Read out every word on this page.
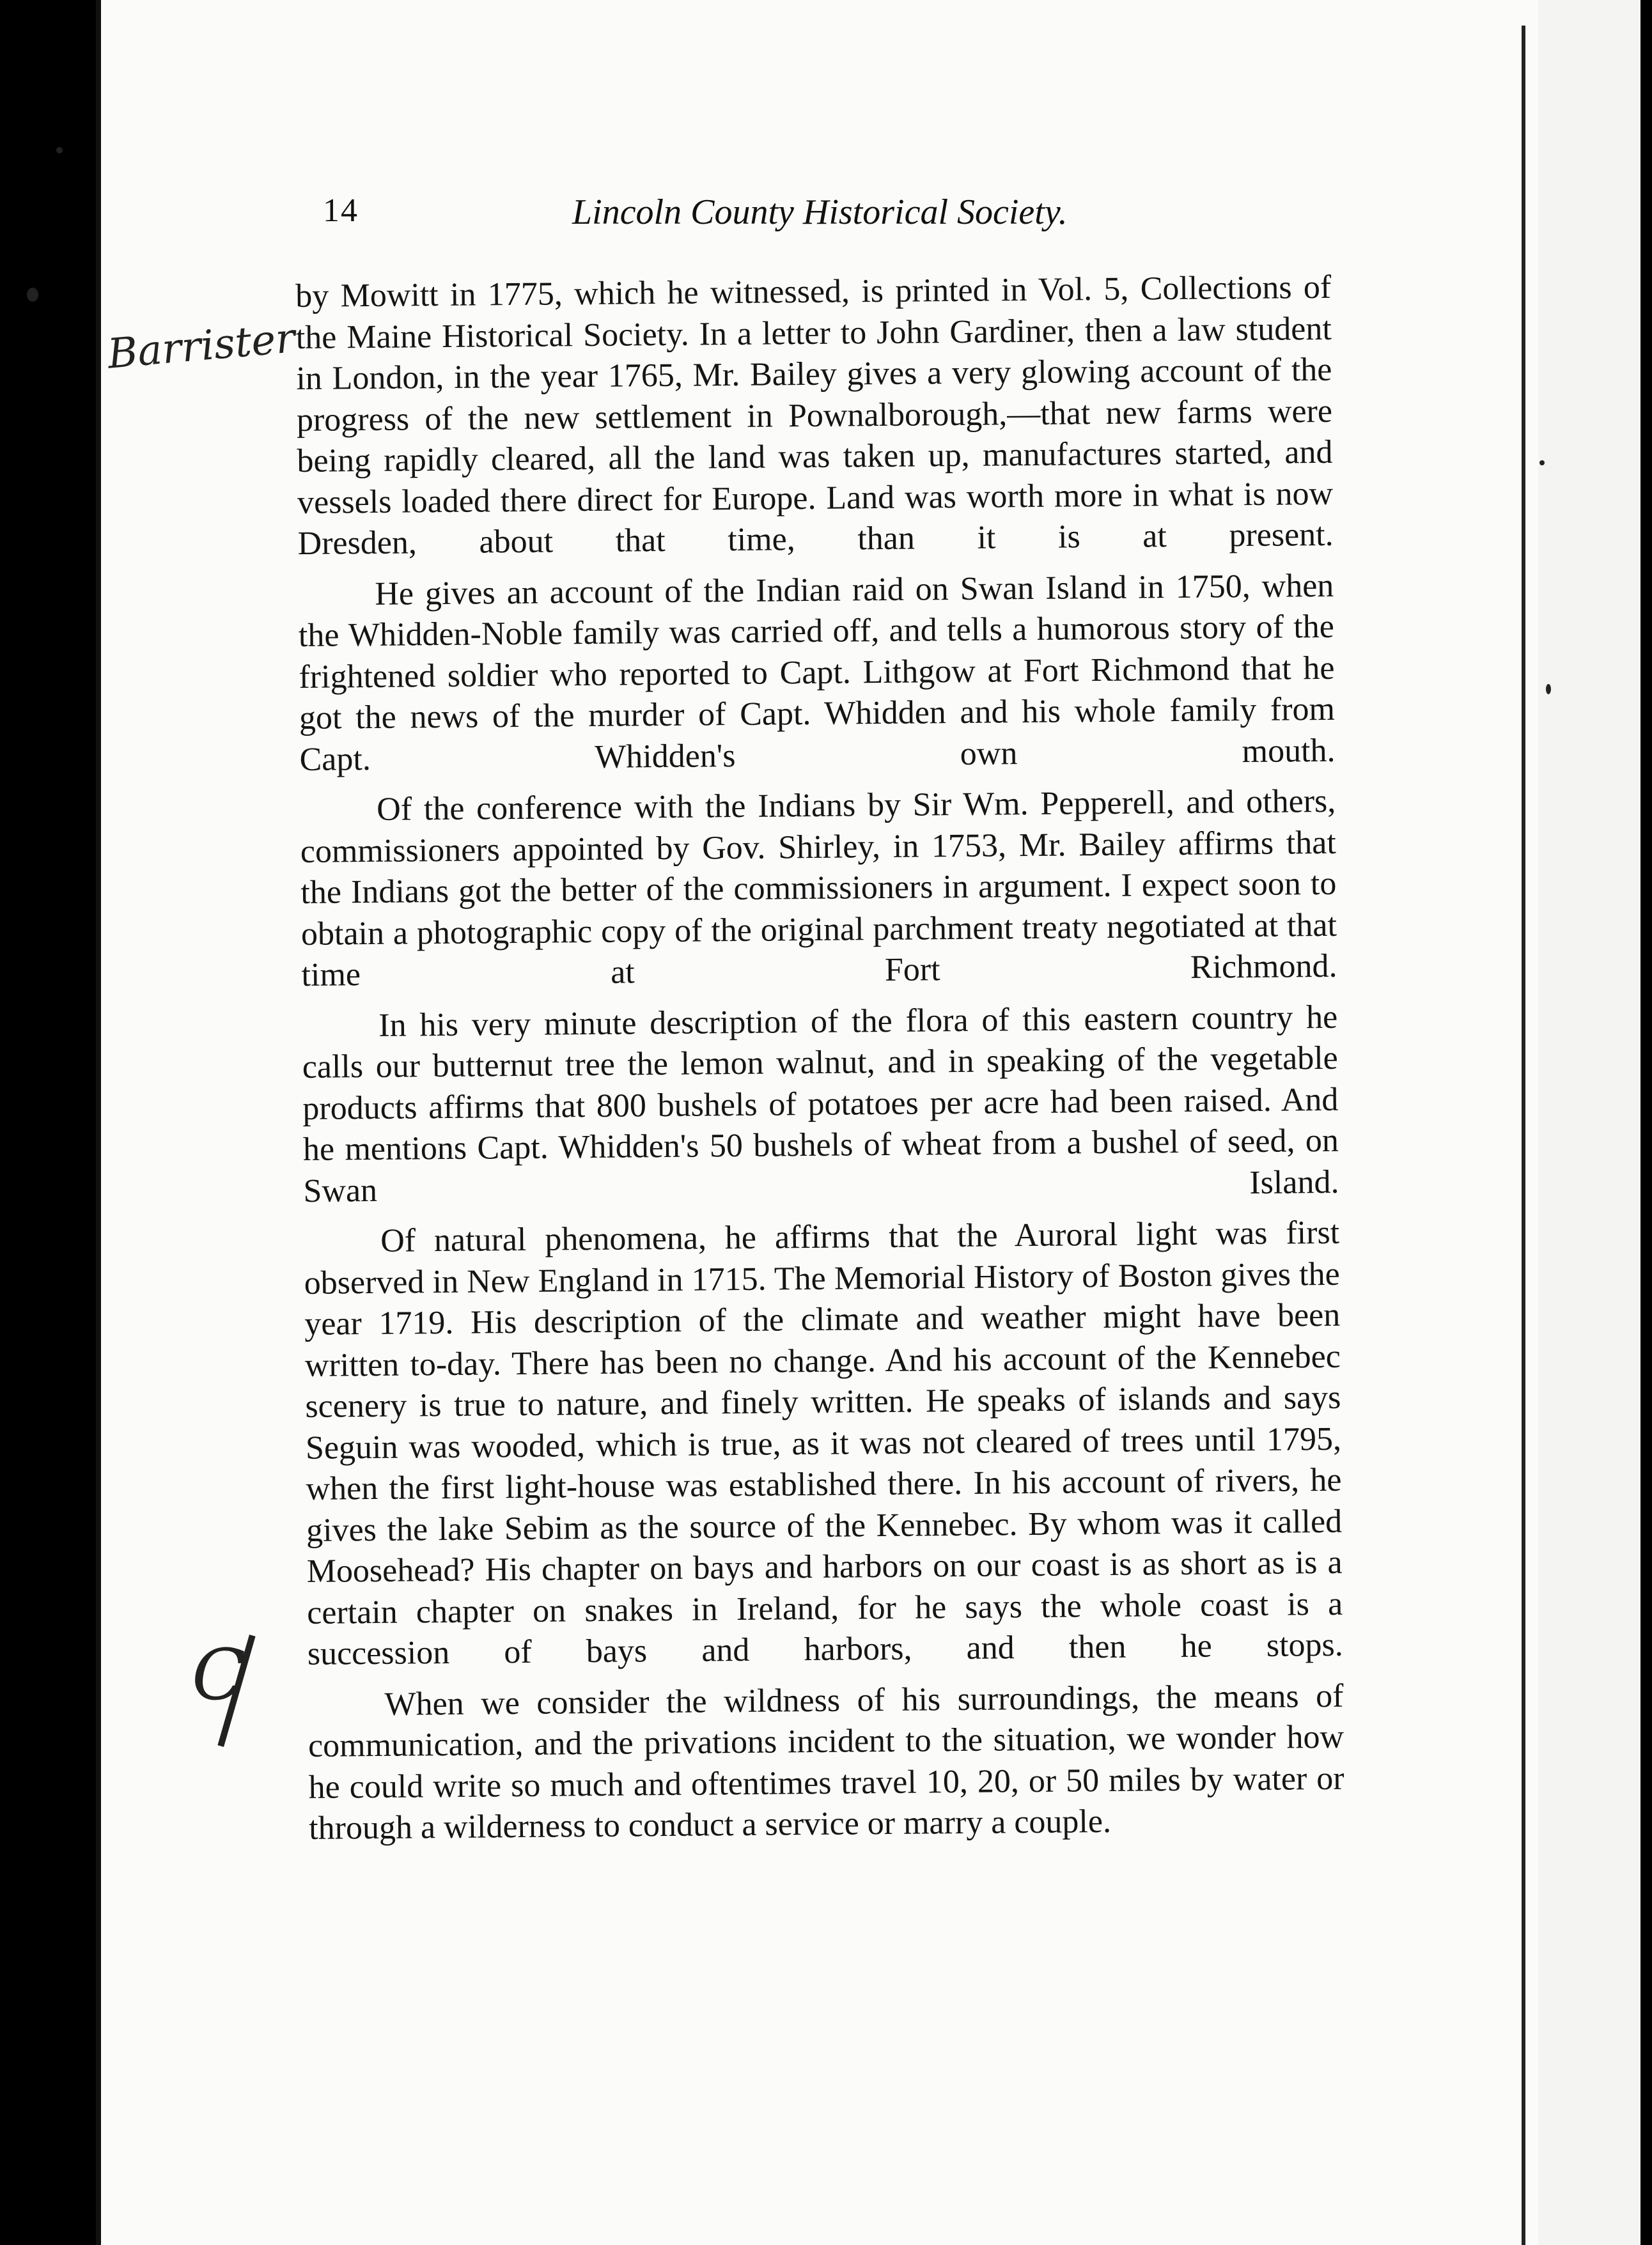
14	Lincoln County Historical Society.
Barrister
C

by Mowitt in 1775, which he witnessed, is printed in Vol. 5, Collections of the Maine Historical Society. In a letter to John Gardiner, then a law student in London, in the year 1765, Mr. Bailey gives a very glowing account of the progress of the new settlement in Pownalborough,—that new farms were being rapidly cleared, all the land was taken up, manufactures started, and vessels loaded there direct for Europe. Land was worth more in what is now Dresden, about that time, than it is at present.

He gives an account of the Indian raid on Swan Island in 1750, when the Whidden-Noble family was carried off, and tells a humorous story of the frightened soldier who reported to Capt. Lithgow at Fort Richmond that he got the news of the murder of Capt. Whidden and his whole family from Capt. Whidden's own mouth.

Of the conference with the Indians by Sir Wm. Pepperell, and others, commissioners appointed by Gov. Shirley, in 1753, Mr. Bailey affirms that the Indians got the better of the commissioners in argument. I expect soon to obtain a photographic copy of the original parchment treaty negotiated at that time at Fort Richmond.

In his very minute description of the flora of this eastern country he calls our butternut tree the lemon walnut, and in speaking of the vegetable products affirms that 800 bushels of potatoes per acre had been raised. And he mentions Capt. Whidden's 50 bushels of wheat from a bushel of seed, on Swan Island.

Of natural phenomena, he affirms that the Auroral light was first observed in New England in 1715. The Memorial History of Boston gives the year 1719. His description of the climate and weather might have been written to-day. There has been no change. And his account of the Kennebec scenery is true to nature, and finely written. He speaks of islands and says Seguin was wooded, which is true, as it was not cleared of trees until 1795, when the first light-house was established there. In his account of rivers, he gives the lake Sebim as the source of the Kennebec. By whom was it called Moosehead? His chapter on bays and harbors on our coast is as short as is a certain chapter on snakes in Ireland, for he says the whole coast is a succession of bays and harbors, and then he stops.

When we consider the wildness of his surroundings, the means of communication, and the privations incident to the situation, we wonder how he could write so much and oftentimes travel 10, 20, or 50 miles by water or through a wilderness to conduct a service or marry a couple.
